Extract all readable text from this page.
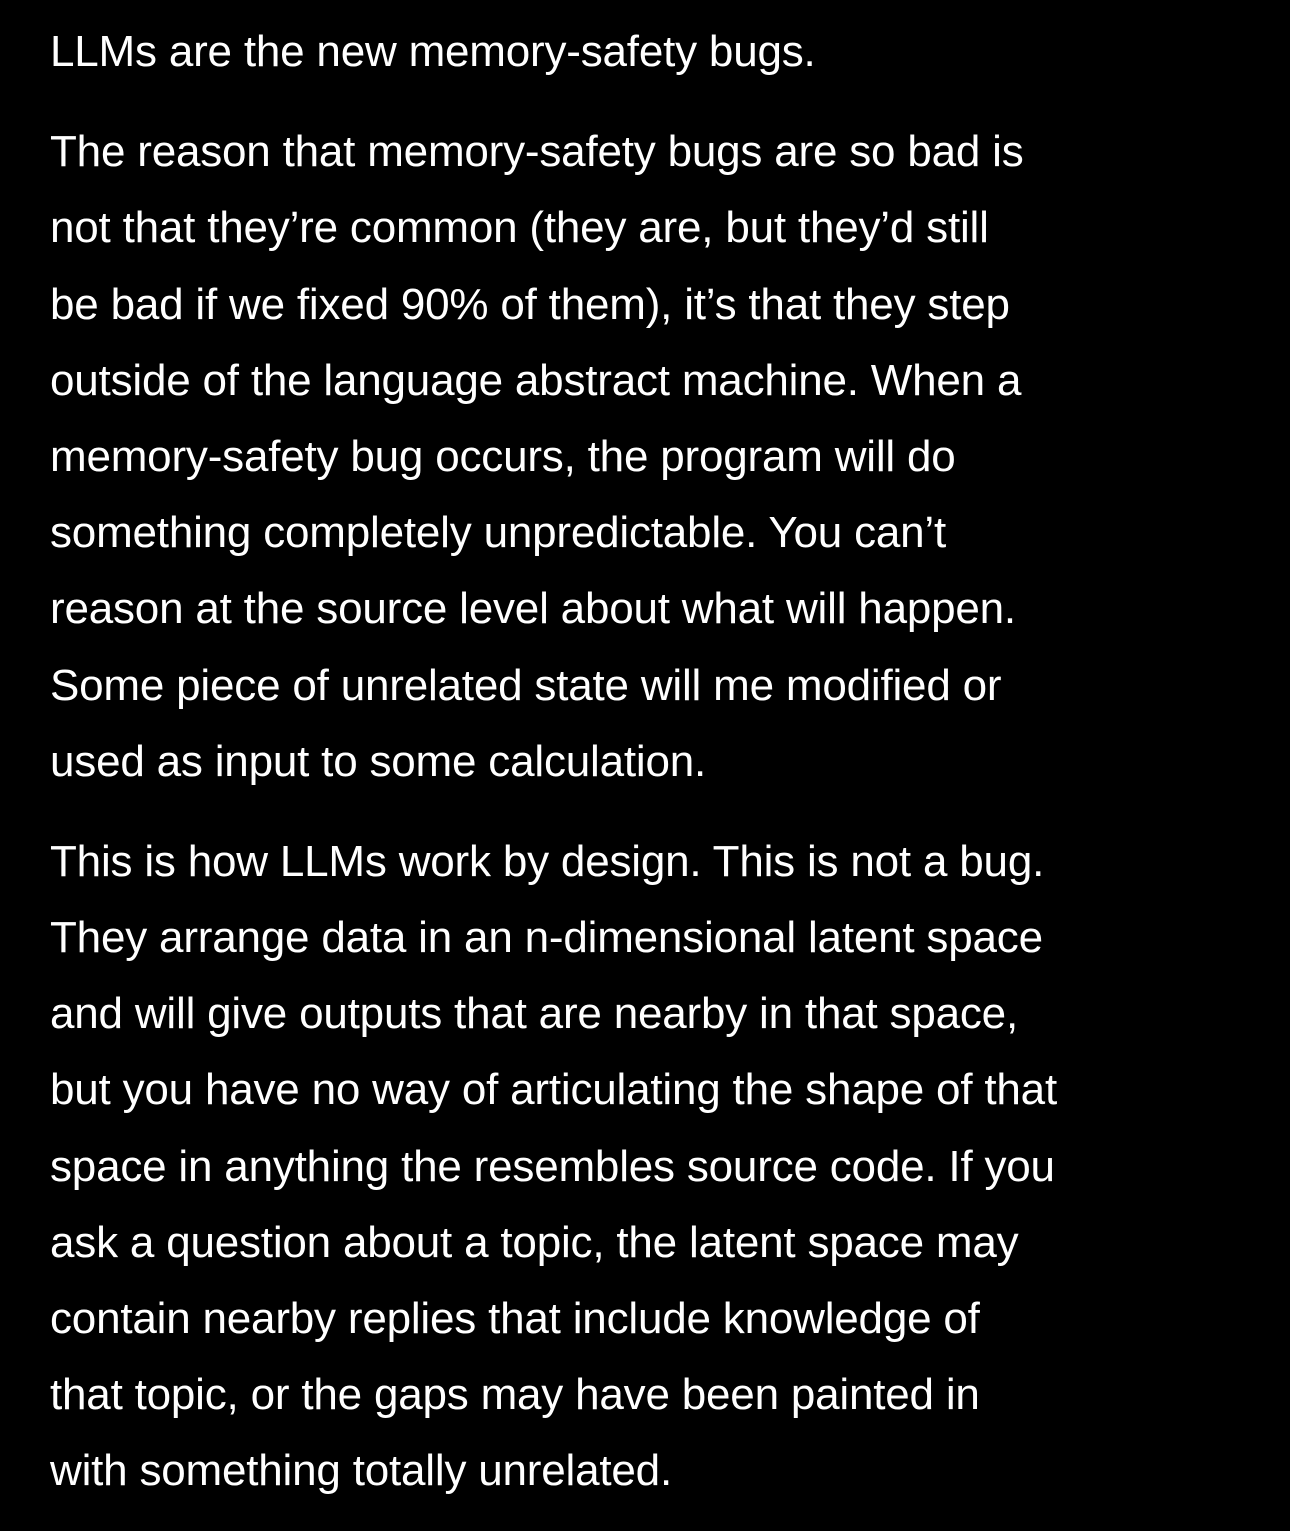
LLMs are the new memory-safety bugs.

The reason that memory-safety bugs are so bad is
not that they’re common (they are, but they’d still
be bad if we fixed 90% of them), it’s that they step
outside of the language abstract machine. When a
memory-safety bug occurs, the program will do
something completely unpredictable. You can’t
reason at the source level about what will happen.
Some piece of unrelated state will me modified or
used as input to some calculation.

This is how LLMs work by design. This is not a bug.
They arrange data in an n-dimensional latent space
and will give outputs that are nearby in that space,
but you have no way of articulating the shape of that
space in anything the resembles source code. If you
ask a question about a topic, the latent space may
contain nearby replies that include knowledge of
that topic, or the gaps may have been painted in
with something totally unrelated.
